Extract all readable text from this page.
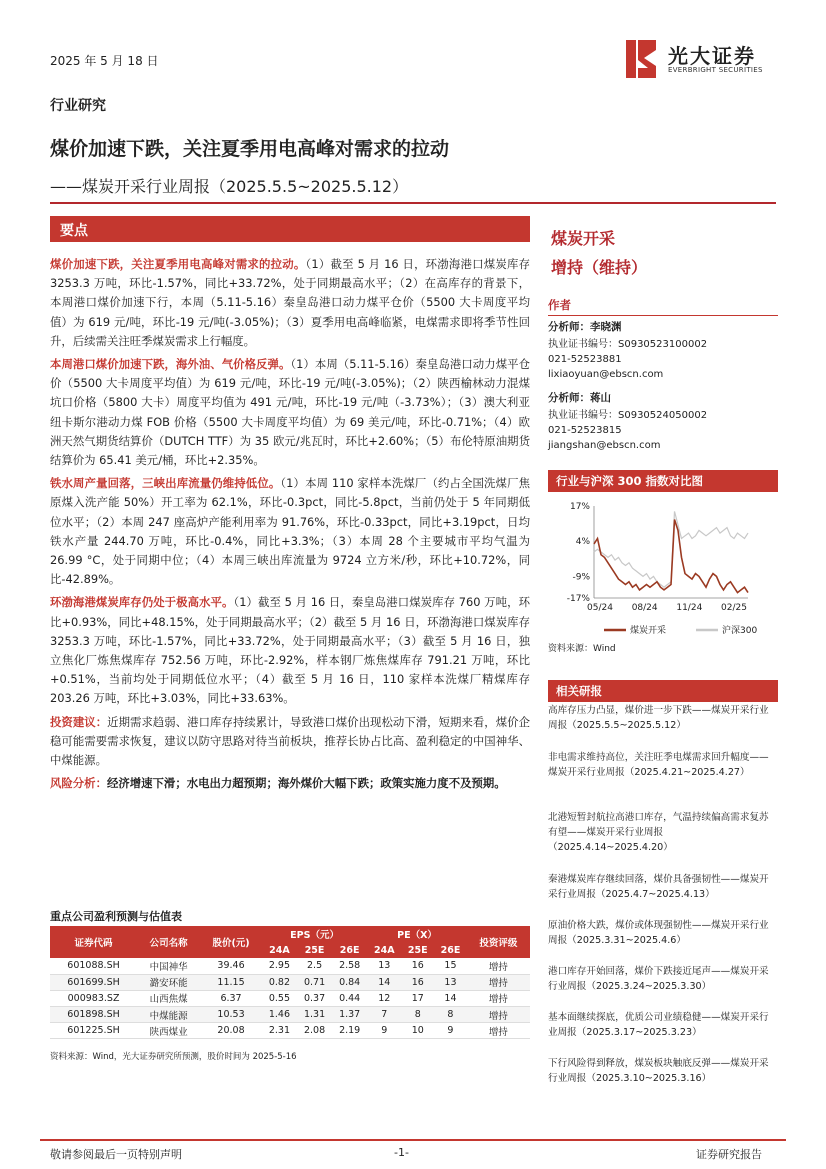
2025 年 5 月 18 日	光大证券
EVERBRIGHT SECURITIES
行业研究
煤价加速下跌，关注夏季用电高峰对需求的拉动
——煤炭开采行业周报（2025.5.5~2025.5.12）
要点

煤价加速下跌，关注夏季用电高峰对需求的拉动。（1）截至 5 月 16 日，环渤海港口煤炭库存 3253.3 万吨，环比-1.57%，同比+33.72%，处于同期最高水平；（2）在高库存的背景下，本周港口煤价加速下行，本周（5.11-5.16）秦皇岛港口动力煤平仓价（5500 大卡周度平均值）为 619 元/吨，环比-19 元/吨(-3.05%)；（3）夏季用电高峰临紧，电煤需求即将季节性回升，后续需关注旺季煤炭需求上行幅度。

本周港口煤价加速下跌，海外油、气价格反弹。（1）本周（5.11-5.16）秦皇岛港口动力煤平仓价（5500 大卡周度平均值）为 619 元/吨，环比-19 元/吨(-3.05%)；（2）陕西榆林动力混煤坑口价格（5800 大卡）周度平均值为 491 元/吨，环比-19 元/吨（-3.73%）；（3）澳大利亚纽卡斯尔港动力煤 FOB 价格（5500 大卡周度平均值）为 69 美元/吨，环比-0.71%；（4）欧洲天然气期货结算价（DUTCH TTF）为 35 欧元/兆瓦时，环比+2.60%；（5）布伦特原油期货结算价为 65.41 美元/桶，环比+2.35%。

铁水周产量回落，三峡出库流量仍维持低位。（1）本周 110 家样本洗煤厂（约占全国洗煤厂焦原煤入洗产能 50%）开工率为 62.1%，环比-0.3pct，同比-5.8pct，当前仍处于 5 年同期低位水平；（2）本周 247 座高炉产能利用率为 91.76%，环比-0.33pct，同比+3.19pct，日均铁水产量 244.70 万吨，环比-0.4%，同比+3.3%；（3）本周 28 个主要城市平均气温为 26.99 °C，处于同期中位；（4）本周三峡出库流量为 9724 立方米/秒，环比+10.72%，同比-42.89%。

环渤海港煤炭库存仍处于极高水平。（1）截至 5 月 16 日，秦皇岛港口煤炭库存 760 万吨，环比+0.93%，同比+48.15%，处于同期最高水平；（2）截至 5 月 16 日，环渤海港口煤炭库存 3253.3 万吨，环比-1.57%，同比+33.72%，处于同期最高水平；（3）截至 5 月 16 日，独立焦化厂炼焦煤库存 752.56 万吨，环比-2.92%，样本钢厂炼焦煤库存 791.21 万吨，环比+0.51%，当前均处于同期低位水平；（4）截至 5 月 16 日，110 家样本洗煤厂精煤库存 203.26 万吨，环比+3.03%，同比+33.63%。

投资建议：近期需求趋弱、港口库存持续累计，导致港口煤价出现松动下滑，短期来看，煤价企稳可能需要需求恢复，建议以防守思路对待当前板块，推荐长协占比高、盈利稳定的中国神华、中煤能源。

风险分析：经济增速下滑；水电出力超预期；海外煤价大幅下跌；政策实施力度不及预期。

煤炭开采
增持（维持）
作者
分析师：李晓渊
执业证书编号：S0930523100002
021-52523881
lixiaoyuan@ebscn.com
分析师：蒋山
执业证书编号：S0930524050002
021-52523815
jiangshan@ebscn.com
行业与沪深 300 指数对比图
17%
4%
-9%
-17%
05/24 08/24 11/24 02/25
煤炭开采	沪深300
资料来源：Wind
相关研报
高库存压力凸显，煤价进一步下跌——煤炭开采行业周报（2025.5.5~2025.5.12）
非电需求维持高位，关注旺季电煤需求回升幅度——煤炭开采行业周报（2025.4.21~2025.4.27）
北港短暂封航拉高港口库存，气温持续偏高需求复苏有望——煤炭开采行业周报（2025.4.14~2025.4.20）
秦港煤炭库存继续回落，煤价具备强韧性——煤炭开采行业周报（2025.4.7~2025.4.13）
原油价格大跌，煤价或体现强韧性——煤炭开采行业周报（2025.3.31~2025.4.6）
港口库存开始回落，煤价下跌接近尾声——煤炭开采行业周报（2025.3.24~2025.3.30）
基本面继续探底，优质公司业绩稳健——煤炭开采行业周报（2025.3.17~2025.3.23）
下行风险得到释放，煤炭板块触底反弹——煤炭开采行业周报（2025.3.10~2025.3.16）
重点公司盈利预测与估值表
证券代码	公司名称	股价(元)	EPS（元）			PE（X）			投资评级
			24A	25E	26E	24A	25E	26E	
601088.SH	中国神华	39.46	2.95	2.5	2.58	13	16	15	增持
601699.SH	潞安环能	11.15	0.82	0.71	0.84	14	16	13	增持
000983.SZ	山西焦煤	6.37	0.55	0.37	0.44	12	17	14	增持
601898.SH	中煤能源	10.53	1.46	1.31	1.37	7	8	8	增持
601225.SH	陕西煤业	20.08	2.31	2.08	2.19	9	10	9	增持
资料来源：Wind，光大证券研究所预测，股价时间为 2025-5-16
敬请参阅最后一页特别声明	-1-	证券研究报告
